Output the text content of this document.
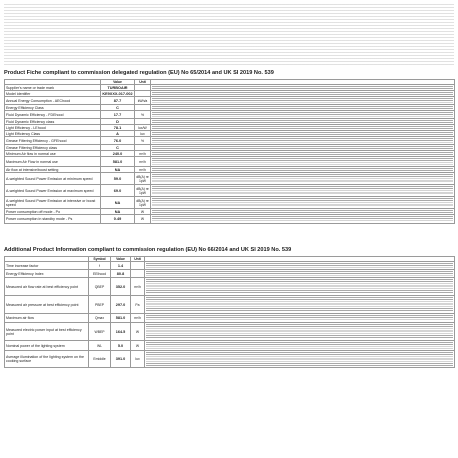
Product Fiche compliant to commission delegated regulation (EU) No 65/2014 and UK SI 2019 No. 539
	Value	Unit	
Supplier's name or trade mark	TURBOAIR		

Model identifier	KE9XXX-017-002		

Annual Energy Consumption - AEChood	87.7	kWh/a	

Energy Efficiency Class	C		

Fluid Dynamic Efficiency - FDEhood	17.7	%	

Fluid Dynamic Efficiency class	D		

Light Efficiency - LEhood	78.1	lux/W	

Light Efficiency Class	A	lux	

Grease Filtering Efficiency - GFEhood	76.0	%	

Grease Filtering Efficiency class	C		

Minimum Air flow in normal use	240.0	m³/h	

Maximum Air Flow in normal use	581.0	m³/h	

Air flow at intensive/boost setting	NA	m³/h	

A-weighted Sound Power Emission at minimum speed	59.0	dB(A) re 1pW	

A-weighted Sound Power Emission at maximum speed	69.0	dB(A) re 1pW	

A-weighted Sound Power Emission at intensive or boost speed	NA	dB(A) re 1pW	

Power consumption off mode - Po	NA	W	

Power consumption in standby mode - Ps	0.49	W	
Additional Product Information compliant to commission regulation (EU) No 66/2014 and UK SI 2019 No. 539
	Symbol	Value	Unit	
Time increase factor	f	1.4		

Energy Efficiency Index	EEIhood	80.8		

Measured air flow rate at best efficiency point	QBEP	352.0	m³/h	

Measured air pressure at best efficiency point	PBEP	297.0	Pa	

Maximum air flow	Qmax	581.0	m³/h	

Measured electric power input at best efficiency point	WBEP	164.5	W	

Nominal power of the lighting system	WL	5.0	W	

Average illumination of the lighting system on the cooking surface	Emiddle	391.0	lux	
